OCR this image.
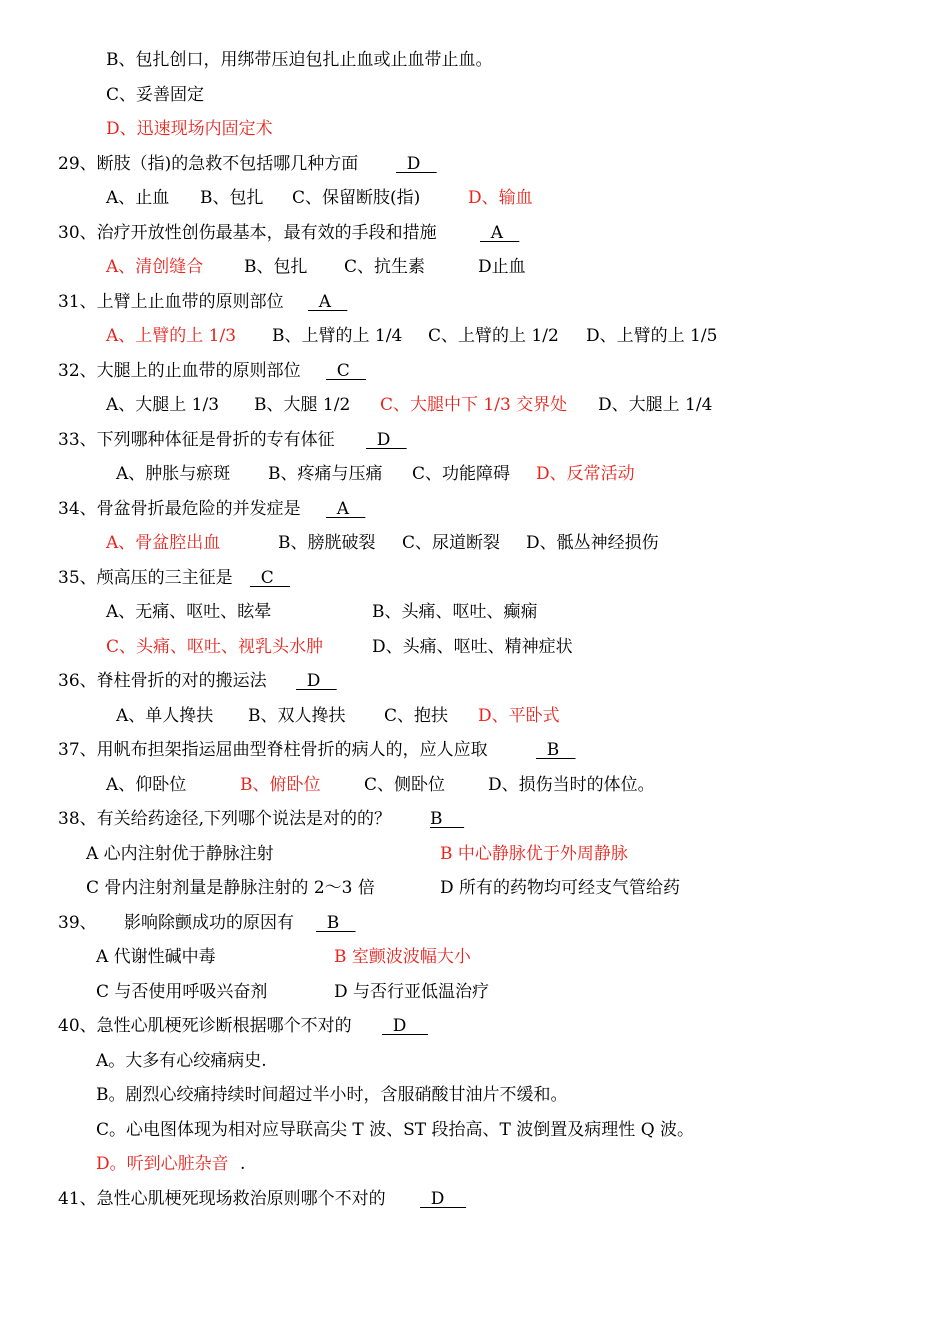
B、包扎创口，用绑带压迫包扎止血或止血带止血。
C、妥善固定
D、迅速现场内固定术
29、断肢（指)的急救不包括哪几种方面 D
A、止血 B、包扎 C、保留断肢(指)	D、输血
30、治疗开放性创伤最基本，最有效的手段和措施	A
A、清创缝合 B、包扎 C、抗生素	D止血
31、上臂上止血带的原则部位 A
A、上臂的上 1/3 B、上臂的上 1/4 C、上臂的上 1/2 D、上臂的上 1/5
32、大腿上的止血带的原则部位 C
A、大腿上 1/3 B、大腿 1/2 C、大腿中下 1/3 交界处 D、大腿上 1/4
33、下列哪种体征是骨折的专有体征 D
A、肿胀与瘀斑 B、疼痛与压痛 C、功能障碍 D、反常活动
34、骨盆骨折最危险的并发症是 A
A、骨盆腔出血	B、膀胱破裂 C、尿道断裂 D、骶丛神经损伤
35、颅高压的三主征是 C
A、无痛、呕吐、眩晕	B、头痛、呕吐、癫痫
C、头痛、呕吐、视乳头水肿	D、头痛、呕吐、精神症状
36、脊柱骨折的对的搬运法 D
A、单人搀扶 B、双人搀扶 C、抱扶 D、平卧式
37、用帆布担架指运屈曲型脊柱骨折的病人的，应人应取	B
A、仰卧位	B、俯卧位	C、侧卧位	D、损伤当时的体位。
38、有关给药途径,下列哪个说法是对的的？ B
A 心内注射优于静脉注射	B 中心静脉优于外周静脉
C 骨内注射剂量是静脉注射的 2～3 倍	D 所有的药物均可经支气管给药
39、 影响除颤成功的原因有 B
A 代谢性碱中毒	B 室颤波波幅大小
C 与否使用呼吸兴奋剂	D 与否行亚低温治疗
40、急性心肌梗死诊断根据哪个不对的 D
A。大多有心绞痛病史.
B。剧烈心绞痛持续时间超过半小时，含服硝酸甘油片不缓和。
C。心电图体现为相对应导联高尖 T 波、ST 段抬高、T 波倒置及病理性 Q 波。
D。听到心脏杂音 .
41、急性心肌梗死现场救治原则哪个不对的 D
